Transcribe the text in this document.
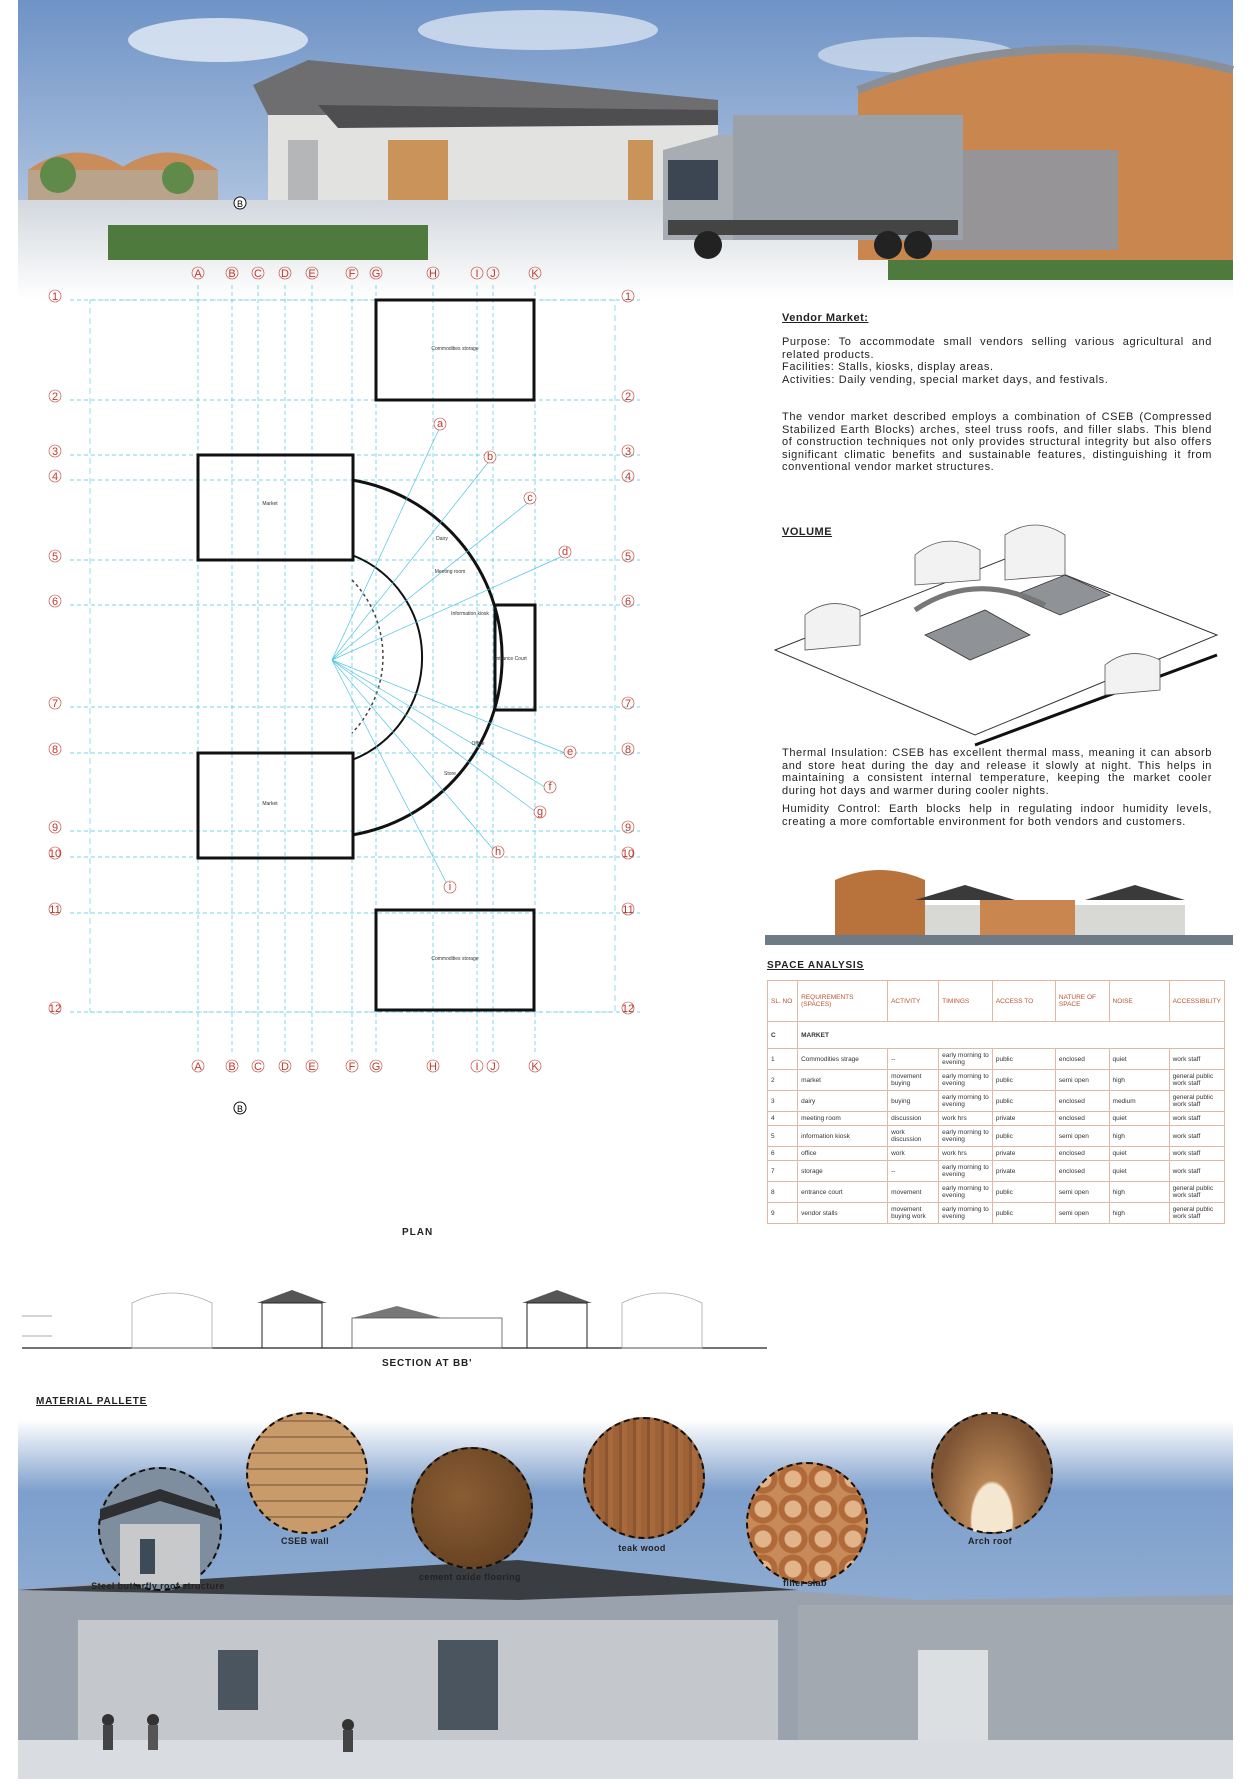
A
A
B
B
C
C
D
D
E
E
F
F
G
G
H
H
I
I
J
J
K
K
1	1
2	2
3	3
4	4
5	5
6	6
7	7
8	8
9	9
10	10
11	11
12	12
a
b
c
d
e
f
g
h
i
B
B
Commodities storage
Commodities storage
Market
Market
Dairy
Meeting room
Information kiosk
Entrance Court
Office
Store
PLAN
Vendor Market:
Purpose: To accommodate small vendors selling various agricultural and related products.
Facilities: Stalls, kiosks, display areas.
Activities: Daily vending, special market days, and festivals.
The vendor market described employs a combination of CSEB (Compressed Stabilized Earth Blocks) arches, steel truss roofs, and filler slabs. This blend of construction techniques not only provides structural integrity but also offers significant climatic benefits and sustainable features, distinguishing it from conventional vendor market structures.
VOLUME
Thermal Insulation: CSEB has excellent thermal mass, meaning it can absorb and store heat during the day and release it slowly at night. This helps in maintaining a consistent internal temperature, keeping the market cooler during hot days and warmer during cooler nights.
Humidity Control: Earth blocks help in regulating indoor humidity levels, creating a more comfortable environment for both vendors and customers.
SPACE ANALYSIS
SL. NO	REQUIREMENTS (SPACES)	ACTIVITY	TIMINGS	ACCESS TO	NATURE OF SPACE	NOISE	ACCESSIBILITY
C	MARKET						
1	Commodities strage	--	early morning to evening	public	enclosed	quiet	work staff
2	market	movement buying	early morning to evening	public	semi open	high	general public work staff
3	dairy	buying	early morning to evening	public	enclosed	medium	general public work staff
4	meeting room	discussion	work hrs	private	enclosed	quiet	work staff
5	information kiosk	work discussion	early morning to evening	public	semi open	high	work staff
6	office	work	work hrs	private	enclosed	quiet	work staff
7	storage	--	early morning to evening	private	enclosed	quiet	work staff
8	entrance court	movement	early morning to evening	public	semi open	high	general public work staff
9	vendor stalls	movement buying work	early morning to evening	public	semi open	high	general public work staff
SECTION AT BB'
MATERIAL PALLETE
Steel butterfly roof structure
CSEB wall
cement oxide flooring
teak wood
filler slab
Arch roof
